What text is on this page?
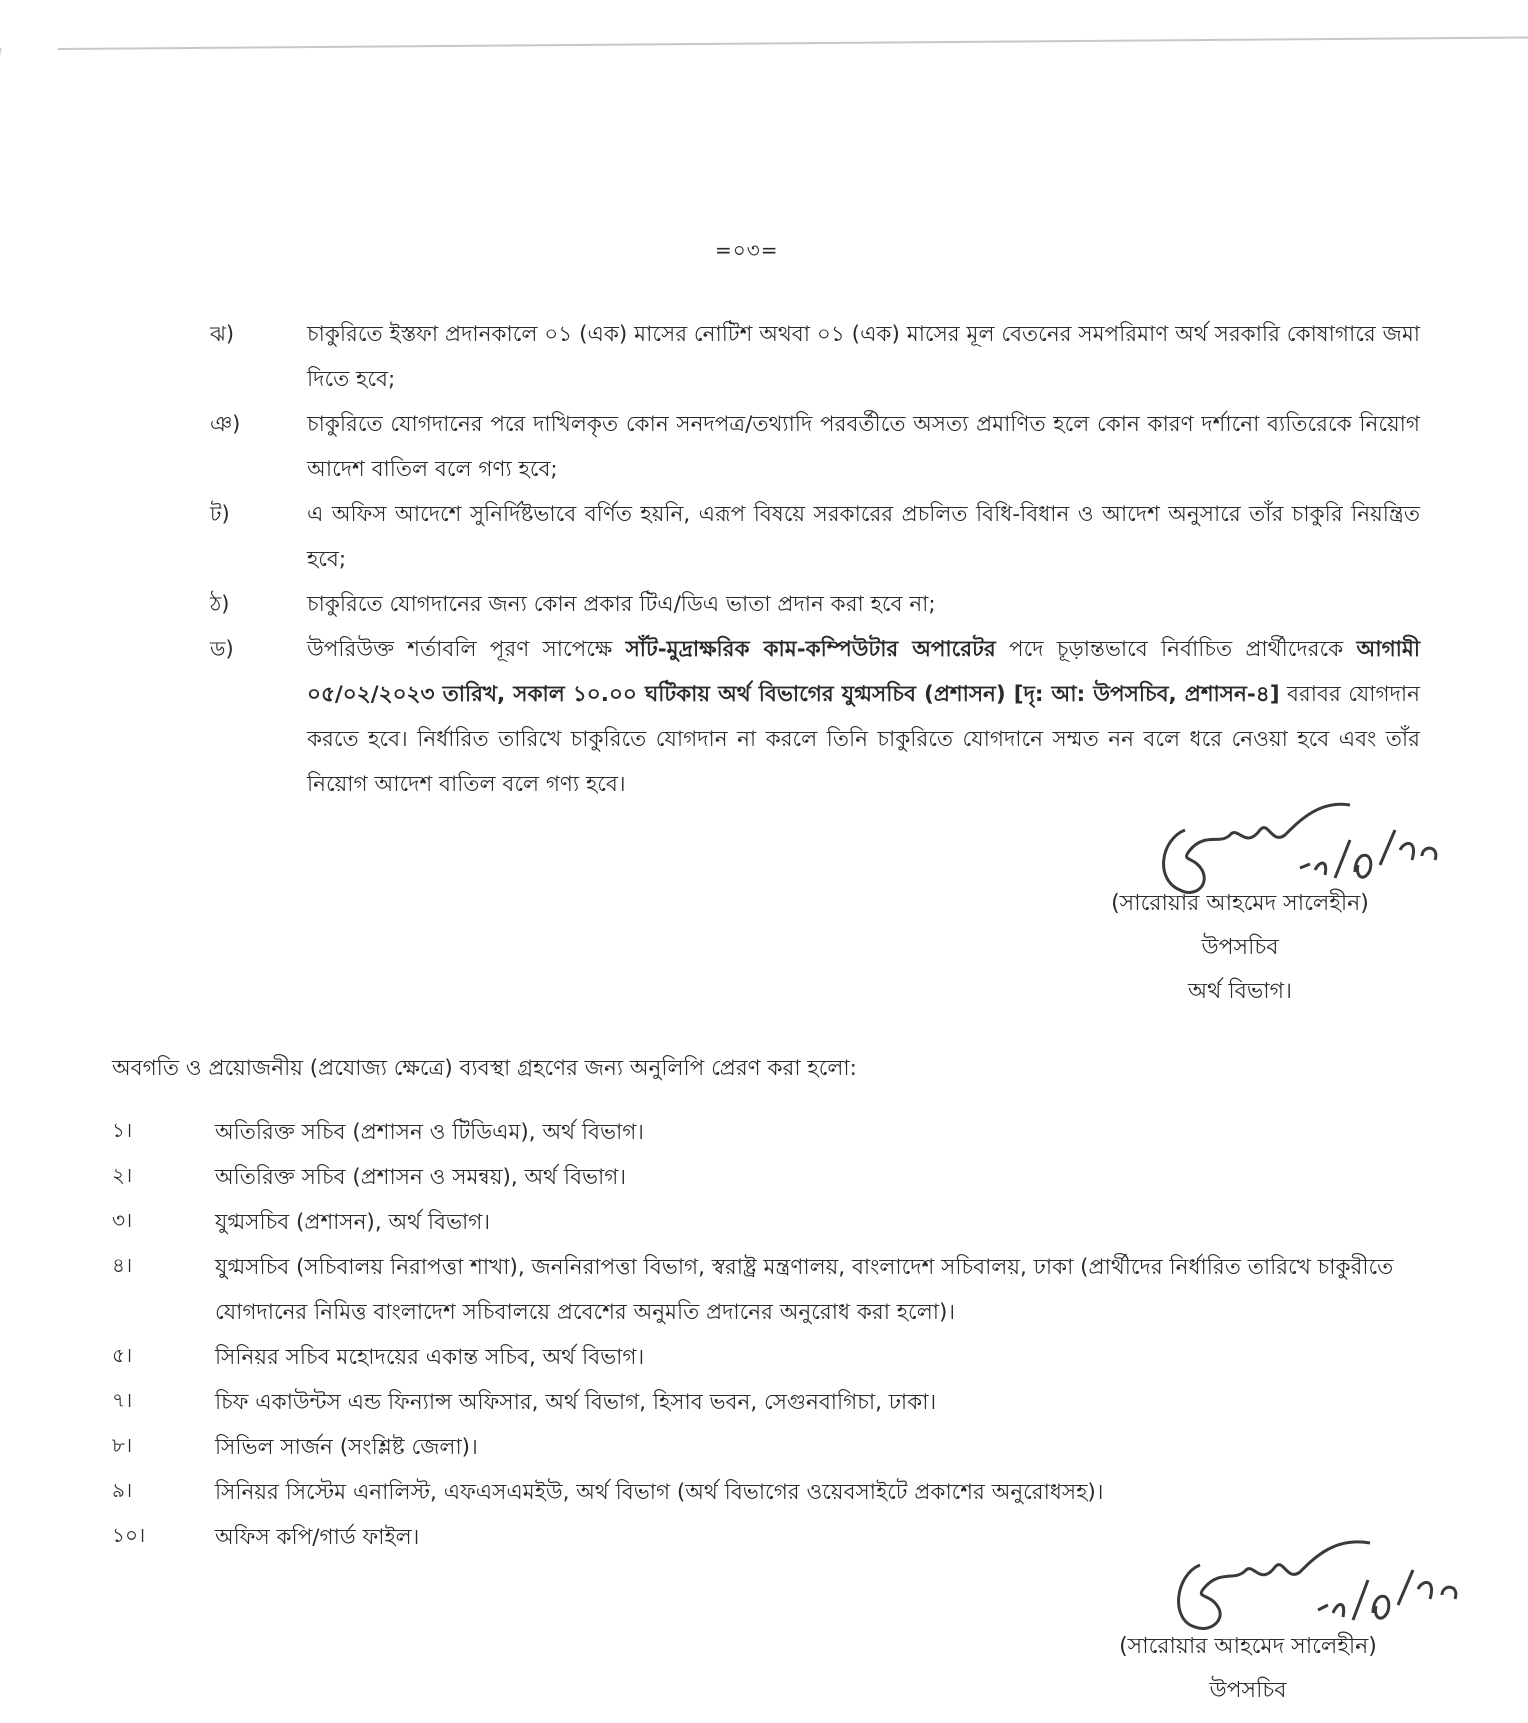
=০৩=
ঝ)	চাকুরিতে ইস্তফা প্রদানকালে ০১ (এক) মাসের নোটিশ অথবা ০১ (এক) মাসের মূল বেতনের সমপরিমাণ অর্থ সরকারি কোষাগারে জমা দিতে হবে;
ঞ)	চাকুরিতে যোগদানের পরে দাখিলকৃত কোন সনদপত্র/তথ্যাদি পরবর্তীতে অসত্য প্রমাণিত হলে কোন কারণ দর্শানো ব্যতিরেকে নিয়োগ আদেশ বাতিল বলে গণ্য হবে;
ট)	এ অফিস আদেশে সুনির্দিষ্টভাবে বর্ণিত হয়নি, এরূপ বিষয়ে সরকারের প্রচলিত বিধি-বিধান ও আদেশ অনুসারে তাঁর চাকুরি নিয়ন্ত্রিত হবে;
ঠ)	চাকুরিতে যোগদানের জন্য কোন প্রকার টিএ/ডিএ ভাতা প্রদান করা হবে না;
ড)	উপরিউক্ত শর্তাবলি পূরণ সাপেক্ষে সাঁট-মুদ্রাক্ষরিক কাম-কম্পিউটার অপারেটর পদে চূড়ান্তভাবে নির্বাচিত প্রার্থীদেরকে আগামী ০৫/০২/২০২৩ তারিখ, সকাল ১০.০০ ঘটিকায় অর্থ বিভাগের যুগ্মসচিব (প্রশাসন) [দৃ: আ: উপসচিব, প্রশাসন-৪] বরাবর যোগদান করতে হবে। নির্ধারিত তারিখে চাকুরিতে যোগদান না করলে তিনি চাকুরিতে যোগদানে সম্মত নন বলে ধরে নেওয়া হবে এবং তাঁর নিয়োগ আদেশ বাতিল বলে গণ্য হবে।
(সারোয়ার আহমেদ সালেহীন)
উপসচিব
অর্থ বিভাগ।
অবগতি ও প্রয়োজনীয় (প্রযোজ্য ক্ষেত্রে) ব্যবস্থা গ্রহণের জন্য অনুলিপি প্রেরণ করা হলো:
১।	অতিরিক্ত সচিব (প্রশাসন ও টিডিএম), অর্থ বিভাগ।
২।	অতিরিক্ত সচিব (প্রশাসন ও সমন্বয়), অর্থ বিভাগ।
৩।	যুগ্মসচিব (প্রশাসন), অর্থ বিভাগ।
৪।	যুগ্মসচিব (সচিবালয় নিরাপত্তা শাখা), জননিরাপত্তা বিভাগ, স্বরাষ্ট্র মন্ত্রণালয়, বাংলাদেশ সচিবালয়, ঢাকা (প্রার্থীদের নির্ধারিত তারিখে চাকুরীতে যোগদানের নিমিত্ত বাংলাদেশ সচিবালয়ে প্রবেশের অনুমতি প্রদানের অনুরোধ করা হলো)।
৫।	সিনিয়র সচিব মহোদয়ের একান্ত সচিব, অর্থ বিভাগ।
৭।	চিফ একাউন্টস এন্ড ফিন্যান্স অফিসার, অর্থ বিভাগ, হিসাব ভবন, সেগুনবাগিচা, ঢাকা।
৮।	সিভিল সার্জন (সংশ্লিষ্ট জেলা)।
৯।	সিনিয়র সিস্টেম এনালিস্ট, এফএসএমইউ, অর্থ বিভাগ (অর্থ বিভাগের ওয়েবসাইটে প্রকাশের অনুরোধসহ)।
১০।	অফিস কপি/গার্ড ফাইল।
(সারোয়ার আহমেদ সালেহীন)
উপসচিব
